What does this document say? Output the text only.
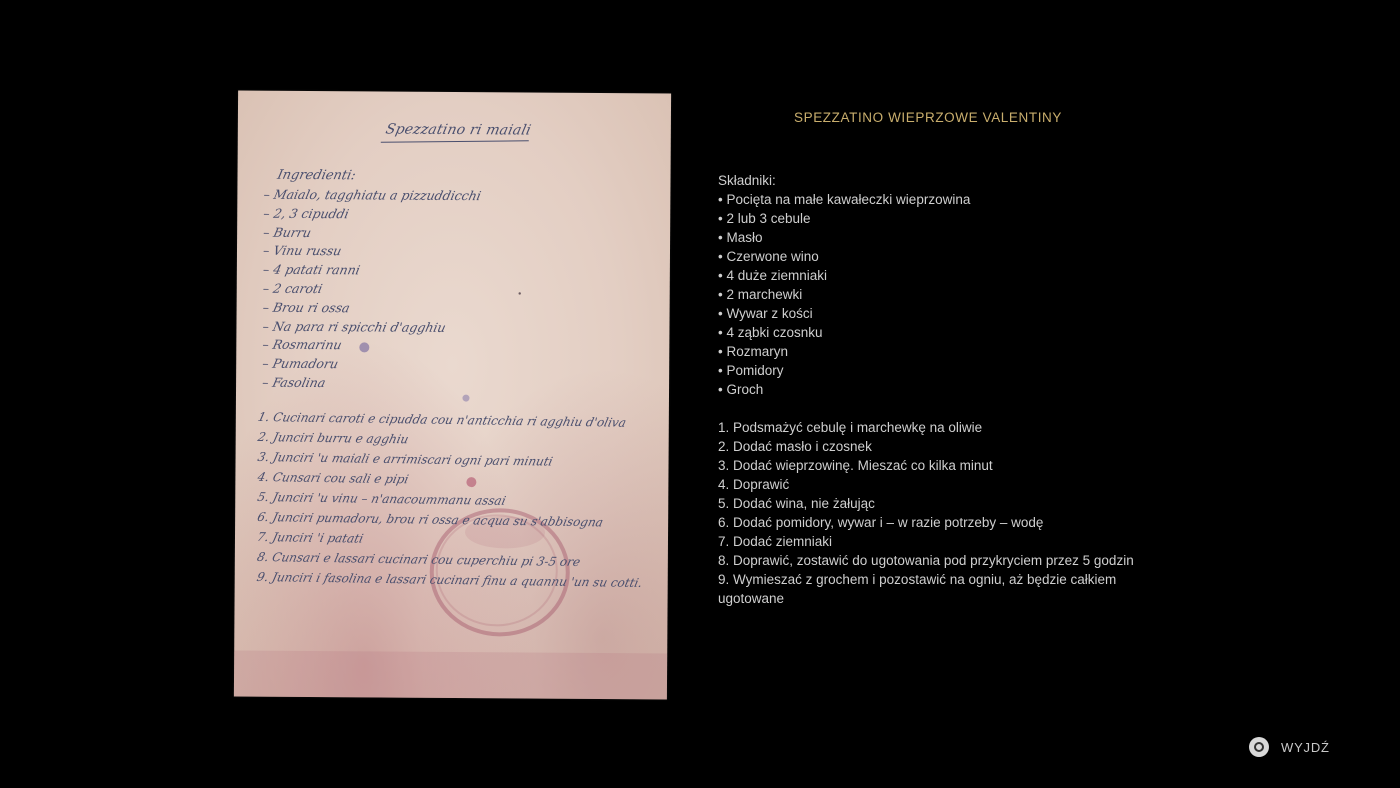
Spezzatino ri maiali
Ingredienti:
– Maialo, tagghiatu a pizzuddicchi
– 2, 3 cipuddi
– Burru
– Vinu russu
– 4 patati ranni
– 2 caroti
– Brou ri ossa
– Na para ri spicchi d'agghiu
– Rosmarinu
– Pumadoru
– Fasolina
1. Cucinari caroti e cipudda cou n'anticchia ri agghiu d'oliva
2. Junciri burru e agghiu
3. Junciri 'u maiali e arrimiscari ogni pari minuti
4. Cunsari cou sali e pipi
5. Junciri 'u vinu – n'anacoummanu assai
6. Junciri pumadoru, brou ri ossa e acqua su s'abbisogna
7. Junciri 'i patati
8. Cunsari e lassari cucinari cou cuperchiu pi 3-5 ore
9. Junciri i fasolina e lassari cucinari finu a quannu 'un su cotti.
SPEZZATINO WIEPRZOWE VALENTINY
Składniki:
• Pocięta na małe kawałeczki wieprzowina
• 2 lub 3 cebule
• Masło
• Czerwone wino
• 4 duże ziemniaki
• 2 marchewki
• Wywar z kości
• 4 ząbki czosnku
• Rozmaryn
• Pomidory
• Groch
1. Podsmażyć cebulę i marchewkę na oliwie
2. Dodać masło i czosnek
3. Dodać wieprzowinę. Mieszać co kilka minut
4. Doprawić
5. Dodać wina, nie żałując
6. Dodać pomidory, wywar i – w razie potrzeby – wodę
7. Dodać ziemniaki
8. Doprawić, zostawić do ugotowania pod przykryciem przez 5 godzin
9. Wymieszać z grochem i pozostawić na ogniu, aż będzie całkiem ugotowane
WYJDŹ
